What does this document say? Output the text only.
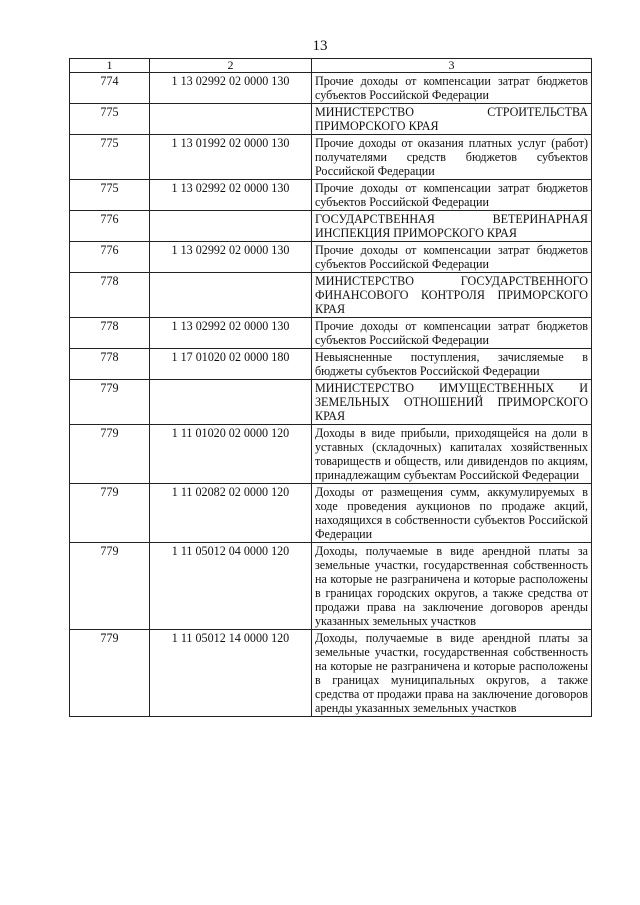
13
1	2	3
774	1 13 02992 02 0000 130	Прочие доходы от компенсации затрат бюджетов субъектов Российской Федерации
775		МИНИСТЕРСТВО СТРОИТЕЛЬСТВА ПРИМОРСКОГО КРАЯ
775	1 13 01992 02 0000 130	Прочие доходы от оказания платных услуг (работ) получателями средств бюджетов субъектов Российской Федерации
775	1 13 02992 02 0000 130	Прочие доходы от компенсации затрат бюджетов субъектов Российской Федерации
776		ГОСУДАРСТВЕННАЯ ВЕТЕРИНАРНАЯ ИНСПЕКЦИЯ ПРИМОРСКОГО КРАЯ
776	1 13 02992 02 0000 130	Прочие доходы от компенсации затрат бюджетов субъектов Российской Федерации
778		МИНИСТЕРСТВО ГОСУДАРСТВЕННОГО ФИНАНСОВОГО КОНТРОЛЯ ПРИМОРСКОГО КРАЯ
778	1 13 02992 02 0000 130	Прочие доходы от компенсации затрат бюджетов субъектов Российской Федерации
778	1 17 01020 02 0000 180	Невыясненные поступления, зачисляемые в бюджеты субъектов Российской Федерации
779		МИНИСТЕРСТВО ИМУЩЕСТВЕННЫХ И ЗЕМЕЛЬНЫХ ОТНОШЕНИЙ ПРИМОРСКОГО КРАЯ
779	1 11 01020 02 0000 120	Доходы в виде прибыли, приходящейся на доли в уставных (складочных) капиталах хозяйственных товариществ и обществ, или дивидендов по акциям, принадлежащим субъектам Российской Федерации
779	1 11 02082 02 0000 120	Доходы от размещения сумм, аккумулируемых в ходе проведения аукционов по продаже акций, находящихся в собственности субъектов Российской Федерации
779	1 11 05012 04 0000 120	Доходы, получаемые в виде арендной платы за земельные участки, государственная собственность на которые не разграничена и которые расположены в границах городских округов, а также средства от продажи права на заключение договоров аренды указанных земельных участков
779	1 11 05012 14 0000 120	Доходы, получаемые в виде арендной платы за земельные участки, государственная собственность на которые не разграничена и которые расположены в границах муниципальных округов, а также средства от продажи права на заключение договоров аренды указанных земельных участков
